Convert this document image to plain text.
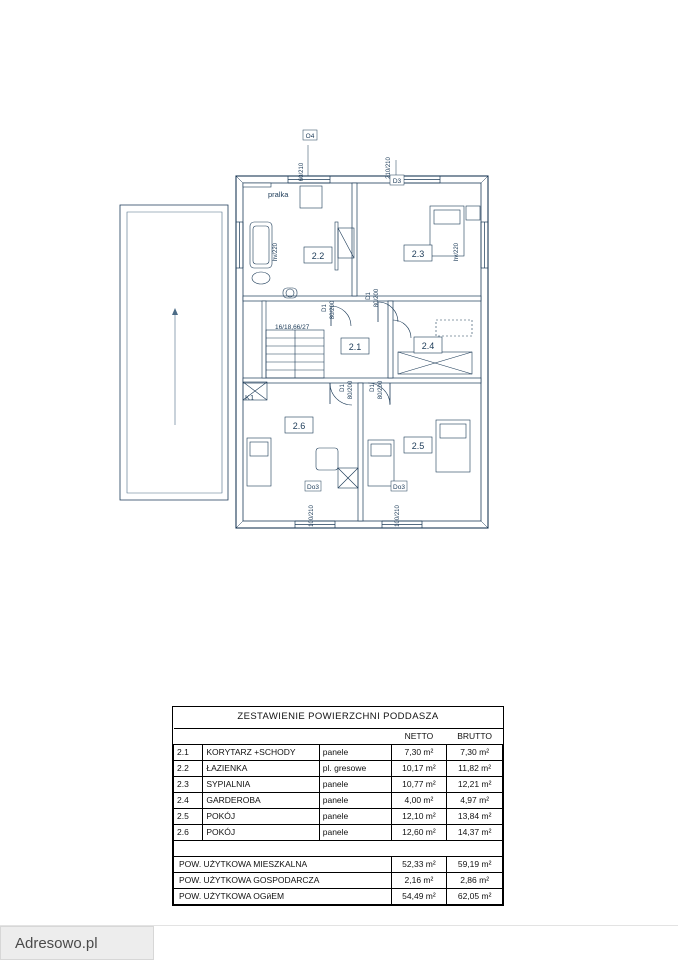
2.1
2.2	2.3
2.4
2.5
2.6
pralka
K1
16/18,66/27
O4
60/210
D3
210/210
D1 80/200
D1 80/200
D1 80/200	D1 80/200
Do3
100/210
Do3
100/210
hv/220	hv/220
ZESTAWIENIE POWIERZCHNI PODDASZA				
			NETTO	BRUTTO
2.1	KORYTARZ +SCHODY	panele	7,30 m²	7,30 m²
2.2	ŁAZIENKA	pl. gresowe	10,17 m²	11,82 m²
2.3	SYPIALNIA	panele	10,77 m²	12,21 m²
2.4	GARDEROBA	panele	4,00 m²	4,97 m²
2.5	POKÓJ	panele	12,10 m²	13,84 m²
2.6	POKÓJ	panele	12,60 m²	14,37 m²

POW. UŻYTKOWA MIESZKALNA			52,33 m²	59,19 m²
POW. UŻYTKOWA GOSPODARCZA			2,16 m²	2,86 m²
POW. UŻYTKOWA OGӣEM			54,49 m²	62,05 m²
Adresowo.pl
